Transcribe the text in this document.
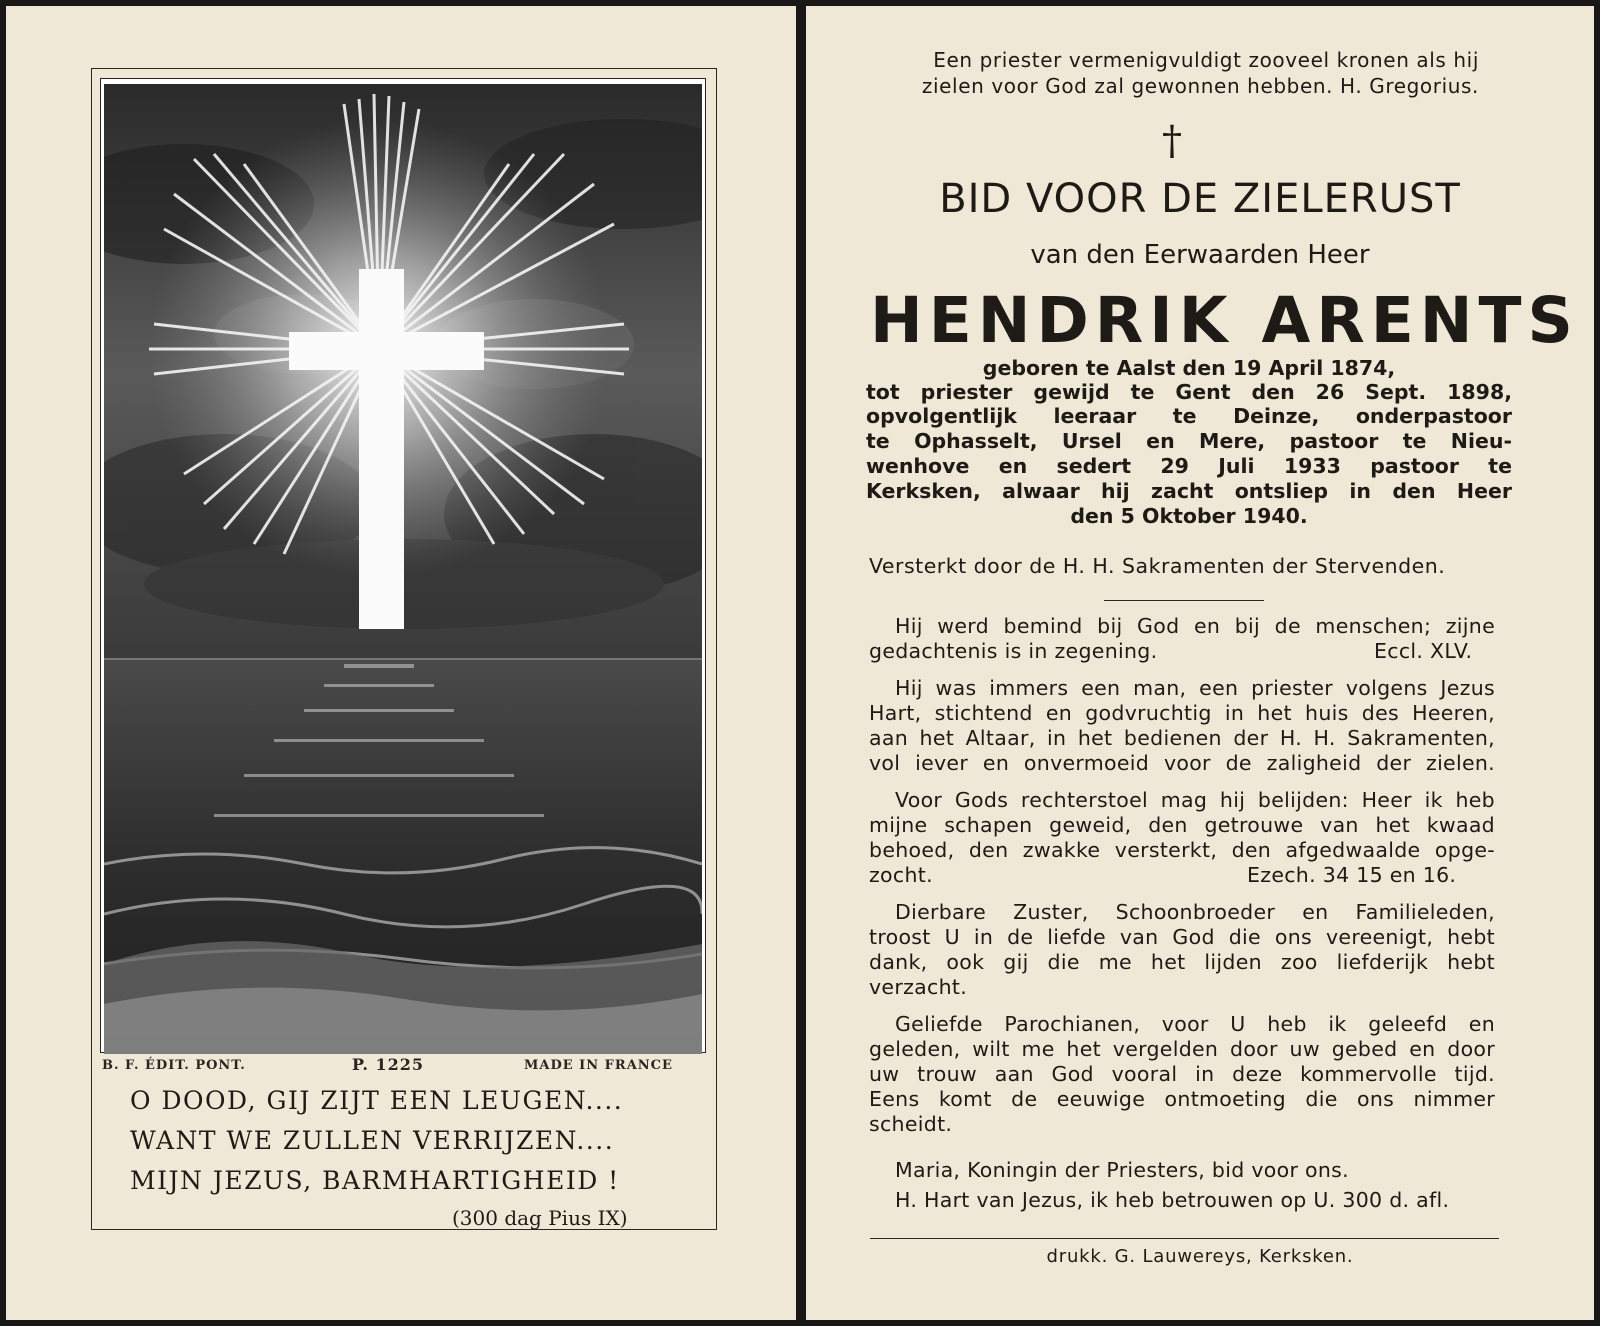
B. F. ÉDIT. PONT.	P. 1225	MADE IN FRANCE
O DOOD, GIJ ZIJT EEN LEUGEN....
WANT WE ZULLEN VERRIJZEN....
MIJN JEZUS, BARMHARTIGHEID !
(300 dag Pius IX)
Een priester vermenigvuldigt zooveel kronen als hij
zielen voor God zal gewonnen hebben. H. Gregorius.
†
BID VOOR DE ZIELERUST
van den Eerwaarden Heer
HENDRIK ARENTS
geboren te Aalst den 19 April 1874,
tot priester gewijd te Gent den 26 Sept. 1898,
opvolgentlijk leeraar te Deinze, onderpastoor
te Ophasselt, Ursel en Mere, pastoor te Nieu-
wenhove en sedert 29 Juli 1933 pastoor te
Kerksken, alwaar hij zacht ontsliep in den Heer
den 5 Oktober 1940.
Versterkt door de H. H. Sakramenten der Stervenden.
Hij werd bemind bij God en bij de menschen; zijne
gedachtenis is in zegening.	Eccl. XLV.
Hij was immers een man, een priester volgens Jezus
Hart, stichtend en godvruchtig in het huis des Heeren,
aan het Altaar, in het bedienen der H. H. Sakramenten,
vol iever en onvermoeid voor de zaligheid der zielen.
Voor Gods rechterstoel mag hij belijden: Heer ik heb
mijne schapen geweid, den getrouwe van het kwaad
behoed, den zwakke versterkt, den afgedwaalde opge-
zocht.	Ezech. 34 15 en 16.
Dierbare Zuster, Schoonbroeder en Familieleden,
troost U in de liefde van God die ons vereenigt, hebt
dank, ook gij die me het lijden zoo liefderijk hebt
verzacht.
Geliefde Parochianen, voor U heb ik geleefd en
geleden, wilt me het vergelden door uw gebed en door
uw trouw aan God vooral in deze kommervolle tijd.
Eens komt de eeuwige ontmoeting die ons nimmer
scheidt.
Maria, Koningin der Priesters, bid voor ons.
H. Hart van Jezus, ik heb betrouwen op U. 300 d. afl.
drukk. G. Lauwereys, Kerksken.
